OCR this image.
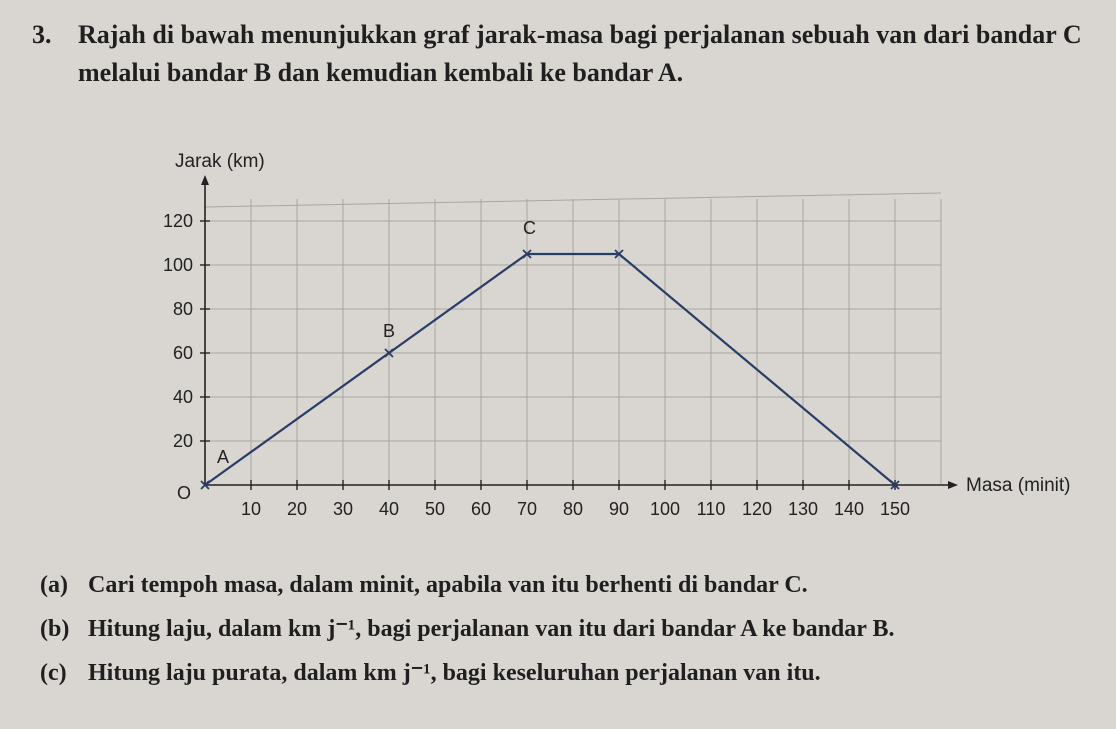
3. Rajah di bawah menunjukkan graf jarak-masa bagi perjalanan sebuah van dari bandar C melalui bandar B dan kemudian kembali ke bandar A.
10 20 30 40 50 60 70 80 90 100 110 120 130 140 150
20
40
60
80
100
120
Jarak (km)
Masa (minit)
O
A
B
C
(a) Cari tempoh masa, dalam minit, apabila van itu berhenti di bandar C.
(b) Hitung laju, dalam km j⁻¹, bagi perjalanan van itu dari bandar A ke bandar B.
(c) Hitung laju purata, dalam km j⁻¹, bagi keseluruhan perjalanan van itu.
